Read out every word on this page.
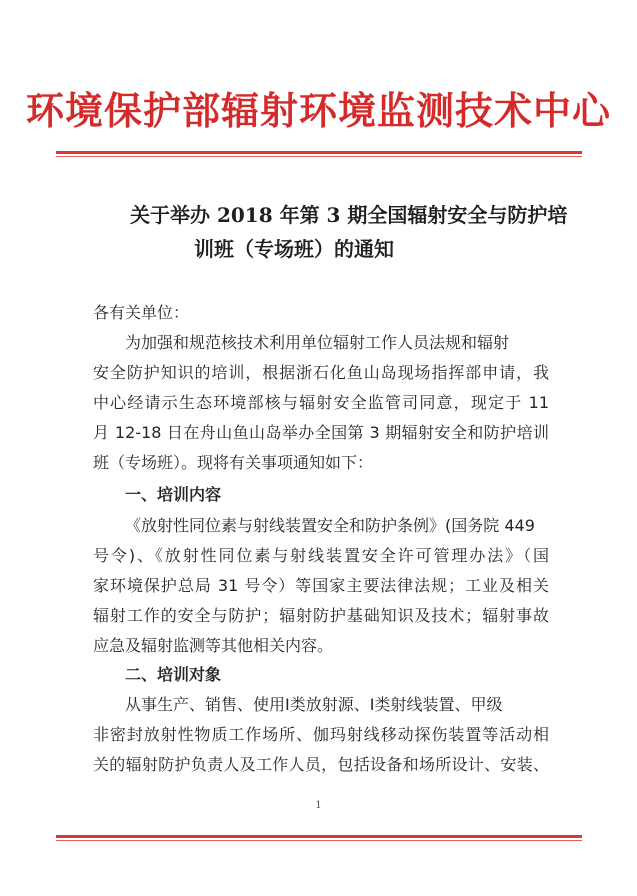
环境保护部辐射环境监测技术中心
关于举办 2018 年第 3 期全国辐射安全与防护培
训班（专场班）的通知
各有关单位：
为加强和规范核技术利用单位辐射工作人员法规和辐射
安全防护知识的培训，根据浙石化鱼山岛现场指挥部申请，我
中心经请示生态环境部核与辐射安全监管司同意，现定于 11
月 12-18 日在舟山鱼山岛举办全国第 3 期辐射安全和防护培训
班（专场班）。现将有关事项通知如下：
一、培训内容
《放射性同位素与射线装置安全和防护条例》(国务院 449
号令)、《放射性同位素与射线装置安全许可管理办法》（国
家环境保护总局 31 号令）等国家主要法律法规；工业及相关
辐射工作的安全与防护；辐射防护基础知识及技术；辐射事故
应急及辐射监测等其他相关内容。
二、培训对象
从事生产、销售、使用Ⅰ类放射源、Ⅰ类射线装置、甲级
非密封放射性物质工作场所、伽玛射线移动探伤装置等活动相
关的辐射防护负责人及工作人员，包括设备和场所设计、安装、
1
